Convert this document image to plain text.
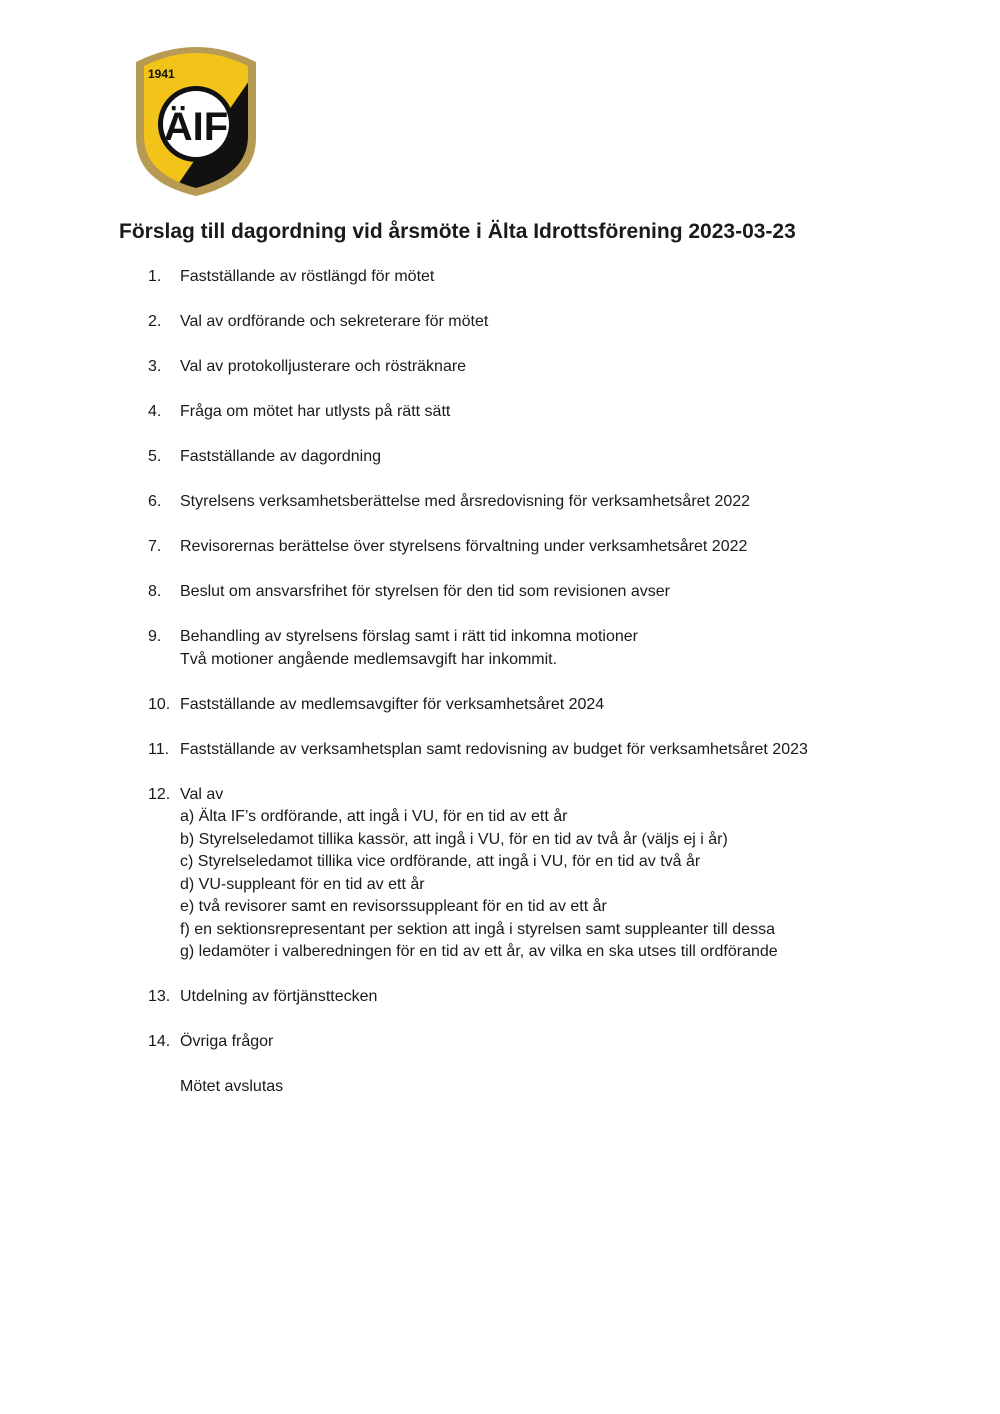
1941
ÄIF
Förslag till dagordning vid årsmöte i Älta Idrottsförening 2023-03-23
1.	Fastställande av röstlängd för mötet
2.	Val av ordförande och sekreterare för mötet
3.	Val av protokolljusterare och rösträknare
4.	Fråga om mötet har utlysts på rätt sätt
5.	Fastställande av dagordning
6.	Styrelsens verksamhetsberättelse med årsredovisning för verksamhetsåret 2022
7.	Revisorernas berättelse över styrelsens förvaltning under verksamhetsåret 2022
8.	Beslut om ansvarsfrihet för styrelsen för den tid som revisionen avser
9.	Behandling av styrelsens förslag samt i rätt tid inkomna motioner
Två motioner angående medlemsavgift har inkommit.
10. Fastställande av medlemsavgifter för verksamhetsåret 2024
11. Fastställande av verksamhetsplan samt redovisning av budget för verksamhetsåret 2023
12. Val av
a) Älta IF’s ordförande, att ingå i VU, för en tid av ett år
b) Styrelseledamot tillika kassör, att ingå i VU, för en tid av två år (väljs ej i år)
c) Styrelseledamot tillika vice ordförande, att ingå i VU, för en tid av två år
d) VU-suppleant för en tid av ett år
e) två revisorer samt en revisorssuppleant för en tid av ett år
f) en sektionsrepresentant per sektion att ingå i styrelsen samt suppleanter till dessa
g) ledamöter i valberedningen för en tid av ett år, av vilka en ska utses till ordförande
13. Utdelning av förtjänsttecken
14. Övriga frågor
Mötet avslutas
